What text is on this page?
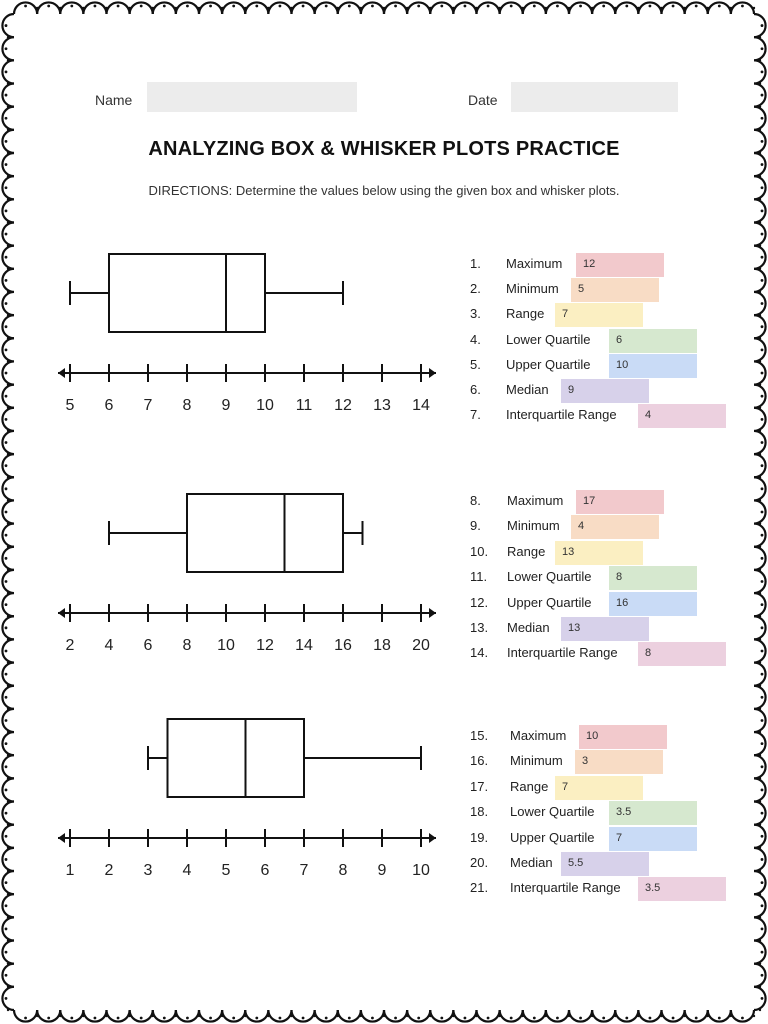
Name	Date
ANALYZING BOX & WHISKER PLOTS PRACTICE
DIRECTIONS: Determine the values below using the given box and whisker plots.
5 6 7 8 9 10 11 12 13 14
2 4 6 8 10 12 14 16 18 20
1 2 3 4 5 6 7 8 9 10
1. Maximum	12
2. Minimum	5
3. Range	7
4. Lower Quartile	6
5. Upper Quartile	10
6. Median	9
7. Interquartile Range	4
8. Maximum	17
9. Minimum	4
10. Range	13
11. Lower Quartile	8
12. Upper Quartile	16
13. Median	13
14. Interquartile Range	8
15. Maximum	10
16. Minimum	3
17. Range	7
18. Lower Quartile	3.5
19. Upper Quartile	7
20. Median	5.5
21. Interquartile Range	3.5
